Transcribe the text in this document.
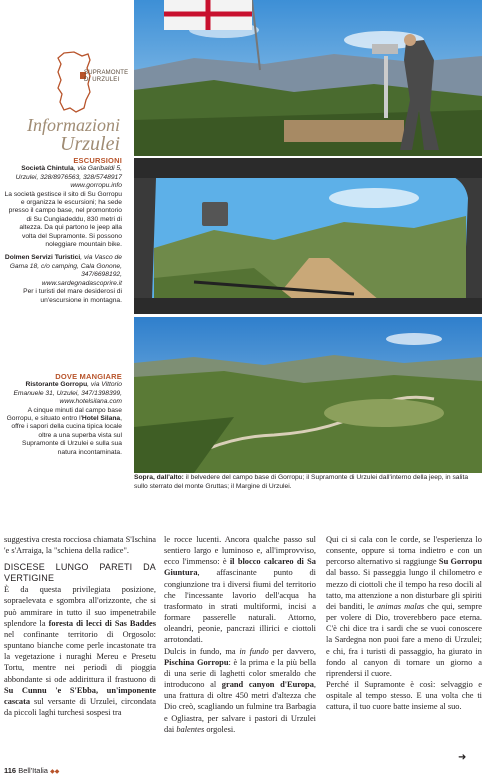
SUPRAMONTE
DI URZULEI
Informazioni
Urzulei
ESCURSIONI
Società Chintula, via Garibaldi 5, Urzulei, 328/8976563, 328/5748917 www.gorropu.info
La società gestisce il sito di Su Gorropu e organizza le escursioni; ha sede presso il campo base, nel promontorio di Su Cungiadeddu, 830 metri di altezza. Da qui partono le jeep alla volta del Supramonte. Si possono noleggiare mountain bike.
Dolmen Servizi Turistici, via Vasco de Gama 18, c/o camping, Cala Gonone, 347/6698192, www.sardegnadascoprire.it
Per i turisti del mare desiderosi di un'escursione in montagna.
DOVE MANGIARE
Ristorante Gorropu, via Vittorio Emanuele 31, Urzulei, 347/1398399, www.hotelsilana.com
A cinque minuti dal campo base Gorropu, e situato entro l'Hotel Silana, offre i sapori della cucina tipica locale oltre a una superba vista sul Supramonte di Urzulei e sulla sua natura incontaminata.
Sopra, dall'alto: il belvedere del campo base di Gorropu; il Supramonte di Urzulei dall'interno della jeep, in salita sullo sterrato del monte Gruttas; il Margine di Urzulei.
suggestiva cresta rocciosa chiamata S'Ischina 'e s'Arraiga, la "schiena della radice".
DISCESE LUNGO PARETI DA VERTIGINE
È da questa privilegiata posizione, sopraelevata e sgombra all'orizzonte, che si può ammirare in tutto il suo impenetrabile splendore la foresta di lecci di Sas Baddes nel confinante territorio di Orgosolo: spuntano bianche come perle incastonate tra la vegetazione i nuraghi Mereu e Presetu Tortu, mentre nei periodi di pioggia abbondante si ode addirittura il frastuono di Su Cunnu 'e S'Ebba, un'imponente cascata sul versante di Urzulei, circondata da piccoli laghi turchesi sospesi tra
le rocce lucenti. Ancora qualche passo sul sentiero largo e luminoso e, all'improvviso, ecco l'immenso: è il blocco calcareo di Sa Giuntura, affascinante punto di congiunzione tra i diversi fiumi del territorio che l'incessante lavorio dell'acqua ha trasformato in strati multiformi, incisi a formare passerelle naturali. Attorno, oleandri, peonie, pancrazi illirici e ciottoli arrotondati.
Dulcis in fundo, ma in fundo per davvero, Pischina Gorropu: è la prima e la più bella di una serie di laghetti color smeraldo che introducono al grand canyon d'Europa, una frattura di oltre 450 metri d'altezza che Dio creò, scagliando un fulmine tra Barbagia e Ogliastra, per salvare i pastori di Urzulei dai balentes orgolesi.
Qui ci si cala con le corde, se l'esperienza lo consente, oppure si torna indietro e con un percorso alternativo si raggiunge Su Gorropu dal basso. Si passeggia lungo il chilometro e mezzo di ciottoli che il tempo ha reso docili al tatto, ma attenzione a non disturbare gli spiriti dei banditi, le animas malas che qui, sempre per volere di Dio, troverebbero pace eterna. C'è chi dice tra i sardi che se vuoi conoscere la Sardegna non puoi fare a meno di Urzulei; e chi, fra i turisti di passaggio, ha giurato in fondo al canyon di tornare un giorno a riprendersi il cuore.
Perché il Supramonte è così: selvaggio e ospitale al tempo stesso. E una volta che ti cattura, il tuo cuore batte insieme al suo.
➜
116 Bell'Italia ◆◆
